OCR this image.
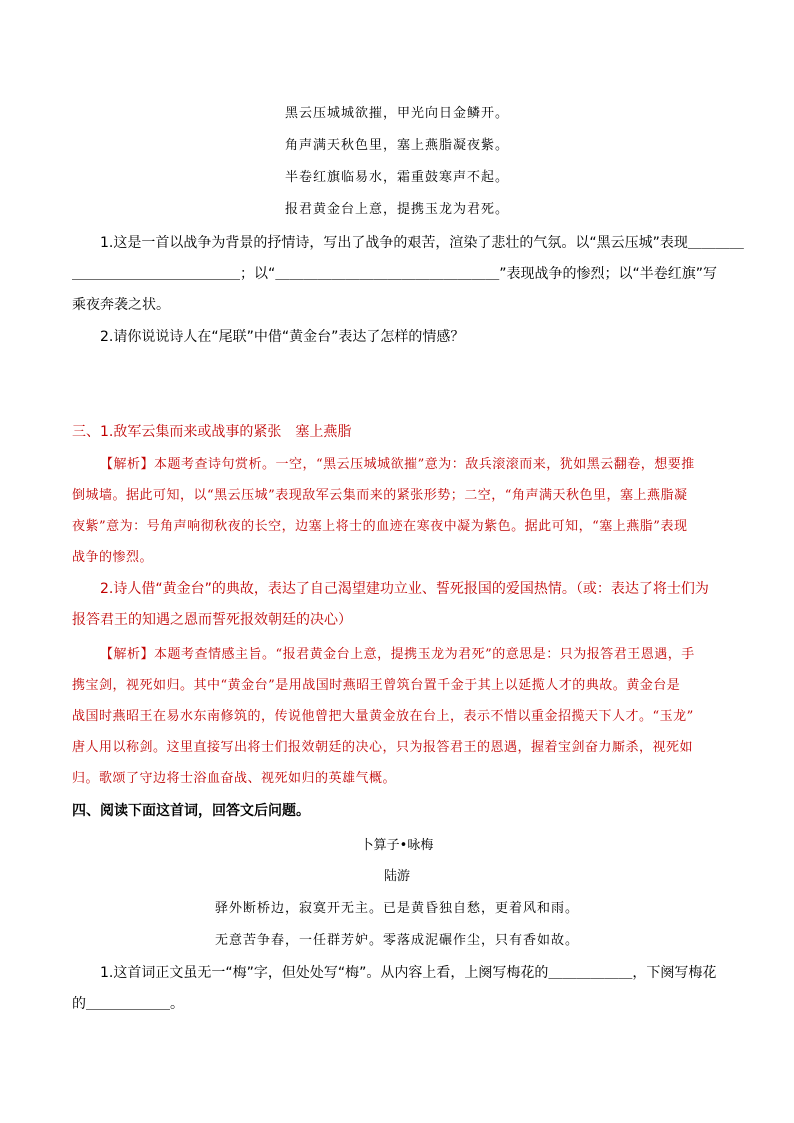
黑云压城城欲摧，甲光向日金鳞开。
角声满天秋色里，塞上燕脂凝夜紫。
半卷红旗临易水，霜重鼓寒声不起。
报君黄金台上意，提携玉龙为君死。
1.这是一首以战争为背景的抒情诗，写出了战争的艰苦，渲染了悲壮的气氛。以“黑云压城”表现＿＿＿＿
＿＿＿＿＿＿＿＿＿＿＿＿；以“＿＿＿＿＿＿＿＿＿＿＿＿＿＿＿＿”表现战争的惨烈；以“半卷红旗”写
乘夜奔袭之状。
2.请你说说诗人在“尾联”中借“黄金台”表达了怎样的情感？
三、1.敌军云集而来或战事的紧张　塞上燕脂
【解析】本题考查诗句赏析。一空，“黑云压城城欲摧”意为：敌兵滚滚而来，犹如黑云翻卷，想要推
倒城墙。据此可知，以“黑云压城”表现敌军云集而来的紧张形势；二空，“角声满天秋色里，塞上燕脂凝
夜紫”意为：号角声响彻秋夜的长空，边塞上将士的血迹在寒夜中凝为紫色。据此可知，“塞上燕脂”表现
战争的惨烈。
2.诗人借“黄金台”的典故，表达了自己渴望建功立业、誓死报国的爱国热情。（或：表达了将士们为
报答君王的知遇之恩而誓死报效朝廷的决心）
【解析】本题考查情感主旨。“报君黄金台上意，提携玉龙为君死”的意思是：只为报答君王恩遇，手
携宝剑，视死如归。其中“黄金台”是用战国时燕昭王曾筑台置千金于其上以延揽人才的典故。黄金台是
战国时燕昭王在易水东南修筑的，传说他曾把大量黄金放在台上，表示不惜以重金招揽天下人才。“玉龙”
唐人用以称剑。这里直接写出将士们报效朝廷的决心，只为报答君王的恩遇，握着宝剑奋力厮杀，视死如
归。歌颂了守边将士浴血奋战、视死如归的英雄气概。
四、阅读下面这首词，回答文后问题。
卜算子•咏梅
陆游
驿外断桥边，寂寞开无主。已是黄昏独自愁，更着风和雨。
无意苦争春，一任群芳妒。零落成泥碾作尘，只有香如故。
1.这首词正文虽无一“梅”字，但处处写“梅”。从内容上看，上阕写梅花的＿＿＿＿＿＿，下阕写梅花
的＿＿＿＿＿＿。
